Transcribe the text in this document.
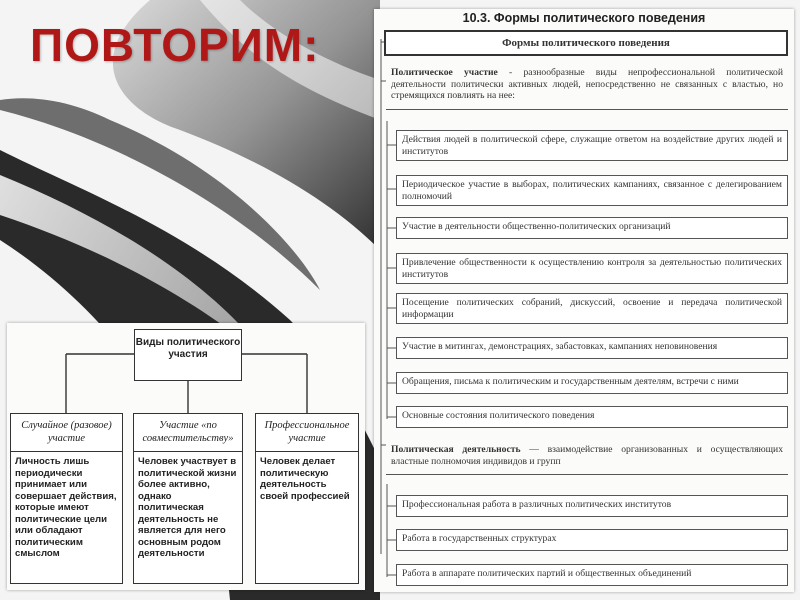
ПОВТОРИМ:
10.3. Формы политического поведения
Формы политического поведения
Политическое участие - разнообразные виды непрофессиональной политической деятельности политически активных людей, непосредственно не связанных с властью, но стремящихся повлиять на нее:
Действия людей в политической сфере, служащие ответом на воздействие других людей и институтов
Периодическое участие в выборах, политических кампаниях, связанное с делегированием полномочий
Участие в деятельности общественно-политических организаций
Привлечение общественности к осуществлению контроля за деятельностью политических институтов
Посещение политических собраний, дискуссий, освоение и передача политической информации
Участие в митингах, демонстрациях, забастовках, кампаниях неповиновения
Обращения, письма к политическим и государственным деятелям, встречи с ними
Основные состояния политического поведения
Политическая деятельность — взаимодействие организованных и осуществляющих властные полномочия индивидов и групп
Профессиональная работа в различных политических институтов
Работа в государственных структурах
Работа в аппарате политических партий и общественных объединений
Виды политического участия
Случайное (разовое) участие
Личность лишь периодически принимает или совершает действия, которые имеют политические цели или обладают политическим смыслом
Участие «по совместительству»
Человек участвует в политической жизни более активно, однако политическая деятельность не является для него основным родом деятельности
Профессиональное участие
Человек делает политическую деятельность своей профессией
